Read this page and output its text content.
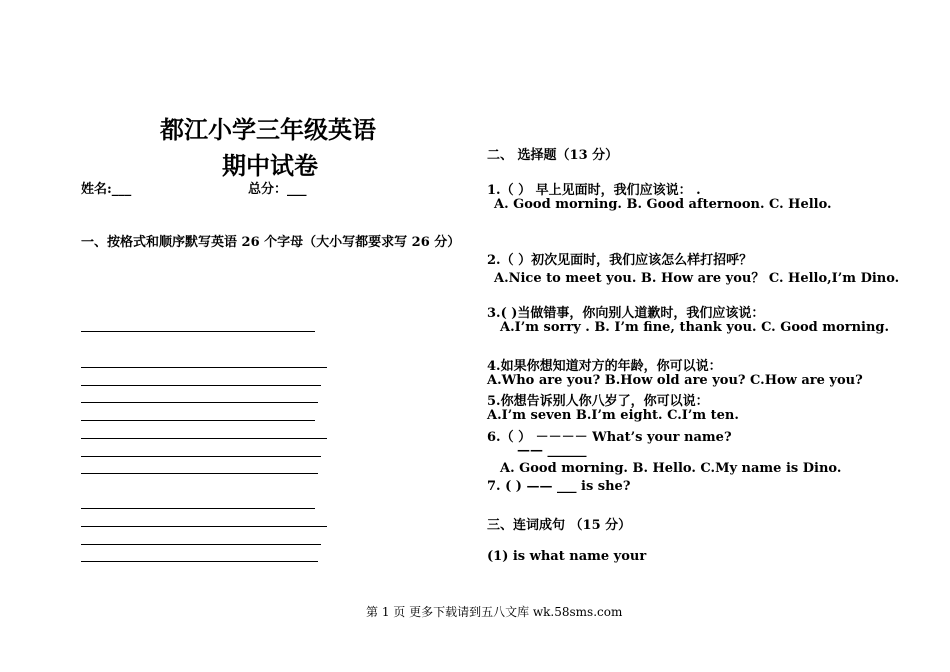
都江小学三年级英语
期中试卷
姓名:___	总分：___
一、按格式和顺序默写英语 26 个字母（大小写都要求写 26 分）
二、 选择题（13 分）
1.（ ） 早上见面时，我们应该说： .
A. Good morning. B. Good afternoon. C. Hello.
2.（ ）初次见面时，我们应该怎么样打招呼？
A.Nice to meet you. B. How are you？ C. Hello,I’m Dino.
3.( )当做错事，你向别人道歉时，我们应该说：
A.I’m sorry . B. I’m fine, thank you. C. Good morning.
4.如果你想知道对方的年龄，你可以说：
A.Who are you? B.How old are you? C.How are you?
5.你想告诉别人你八岁了，你可以说：
A.I’m seven B.I’m eight. C.I’m ten.
6.（ ） －－－－ What’s your name?
—— ______
A. Good morning. B. Hello. C.My name is Dino.
7. ( ) —— ___ is she?
三、连词成句 （15 分）
(1) is what name your
第 1 页 更多下载请到五八文库 wk.58sms.com
